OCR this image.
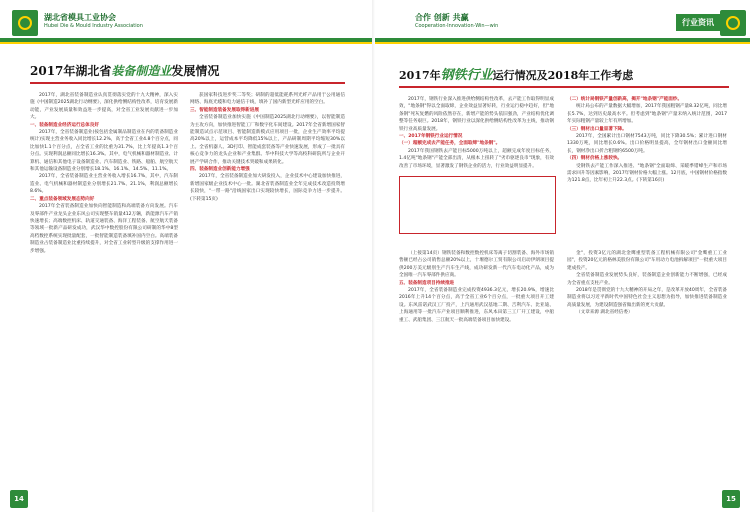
湖北省模具工业协会
Hubei Die & Mould Industry Association
2017年湖北省装备制造业发展情况

2017年，湖北省装备制造业认真贯彻落实党的十九大精神，深入实施《中国制造2025湖北行动纲要》，深化供给侧结构性改革，培育发展新动能，产业发展质量和效益进一步提高，对全省工业发展贡献进一步加大。

一、装备制造业经济运行总体良好

2017年，全省装备制造业(按包括金属制品制造业在内的装备制造业统计)实现主营业务收入同比增长12.2%，高于全省工业4.8个百分点，同比加快1.1个百分点，占全省工业的比重为31.7%，比上年提高1.3个百分点。实现利润总额同比增长16.3%。其中，电气机械和器材制造业、计算机、通信和其他电子设备制造业、汽车制造业、铁路、船舶、航空航天和其他运输设备制造业分别增长18.1%、16.1%、14.5%、11.1%。

2017年，全省装备制造业主营业务收入增长16.7%，其中，汽车制造业、电气机械和器材制造业分别增长21.7%、21.1%，利润总额增长8.6%。

二、重点装备领域发展态势向好

2017年全省装备制造业加快向智能制造和高端装备方向发展。汽车及零部件产业龙头企业东风公司实现整车销量412万辆，新能源汽车产销快速增长；高端数控机床、轨道交通装备、海洋工程装备、航空航天装备等领域一批新产品研发成功，武汉华中数控股份有限公司研制的华中8型高档数控系统实现批量配套，一批智能制造装备填补国内空白。高端装备制造业占装备制造业比重持续提升，对全省工业转型升级的支撑作用进一步增强。

获国家科技进步奖二等奖；研制的超低能耗系列光纤产品用于公用通信网络、海底光缆和电力通信干线，填补了国内新型光纤应用的空白。

三、智能制造装备发展取得新进展

全省装备制造业加快实施《中国制造2025湖北行动纲要》，以智能制造为主攻方向，加快推进智能工厂和数字化车间建设。2017年全省新增国家智能制造试点示范项目、智能制造新模式应用项目一批，企业生产效率平均提高20%以上，运营成本平均降低15%以上，产品研制周期平均缩短30%以上。全省机器人、3D打印、智能成套装备等产业快速发展，形成了一批具有核心竞争力的龙头企业和产业集群。华中科技大学等高校科研院所与企业开展产学研合作，推动关键技术突破和成果转化。

四、装备制造业创新能力增强

2017年，全省装备制造业加大研发投入，企业技术中心建设加快推进，新增国家级企业技术中心一批。湖北省装备制造业全年完成技术改造投资增长较快，"一带一路"沿线国家出口实现较快增长，国际竞争力进一步提升。(下转第15页)

湖北模具
14
合作 创新 共赢
Cooperation·Innovation·Win—win	行业资讯
2017年钢铁行业运行情况及2018年工作考虑

2017年，钢铁行业深入推进供给侧结构性改革，去产能工作取得明显成效，"地条钢"得以全面取缔，企业效益显著好转，行业运行稳中趋好，但"地条钢"死灰复燃的风险依然存在，新增产能的势头依旧强劲，产业结构优化调整等任务艰巨。2018年，钢铁行业以深化供给侧结构性改革为主线，推动钢铁行业高质量发展。

一、2017年钢铁行业运行情况

（一）超额完成去产能任务，全面取缔"地条钢"。

2017年我国钢铁去产能目标5000万吨以上，超额完成年度目标任务，1.4亿吨"地条钢"产能全部出清，从根本上扭转了"劣币驱逐良币"现象，有效改善了市场环境，显著激发了钢铁企业的活力，行业效益明显提升。

（二）统计局钢铁产量创新高，揭开"地条钢"产能面纱。

统计局公布的产量数据大幅增加，2017年我国粗钢产量8.32亿吨，同比增长5.7%，达到历史最高水平。但考虑到"地条钢"产量未纳入统计范围，2017年实际粗钢产量较上年有所增加。

（三）钢材出口量显著下降。

2017年，全国累计出口钢材7543万吨，同比下降30.5%；累计进口钢材1330万吨，同比增长0.6%。出口价格明显提高，全年钢材出口金额同比增长，钢材净出口折合粗钢约6500万吨。

（四）钢材价格上涨较快。

受钢铁去产能工作深入推进、"地条钢"全面取缔、采暖季错峰生产和市场需求回升等因素影响，2017年钢材价格大幅上涨。12月底，中国钢材价格指数为121.8点，比年初上升22.3点。(下转第16页)

（上接第14页）钢铁装备和数控数控机床等离子切割装备、海外市场销售额已经占公司销售总额20%以上，十堰德尔工贸有限公司启动伊朗项目提供200万美元级别生产汽车生产线，成功研发新一代汽车电动化产品，成为全国唯一汽车零部件供应商。

五、装备制造项目持续推进

2017年，全省装备制造业完成投资4936.3亿元，增长20.9%，增速比2016年上升14个百分点，高于全省工业6个百分点，一批重大项目开工建设。东风雷诺武汉工厂投产，上汽通用武汉基地二期、吉利汽车、比亚迪、上海通用等一批汽车产业项目顺利推进，东风本田第三工厂开工建设，中船重工、武船集团、三江航天一批高端装备项目加快建设。

金"，投资3亿元的湖北金鹰重型装备工程机械有限公司"金鹰重工工业园"，投资20亿元的格林美股份有限公司"车用动力电池拆解项目"一批重大项目建成投产。

全省装备制造业发展势头良好，装备制造企业创新能力不断增强，已经成为全省重点支柱产业。

2018年是贯彻党的十九大精神的开局之年，是改革开放40周年，全省装备制造业将以习近平新时代中国特色社会主义思想为指导，加快推进装备制造业高质量发展，为建设制造强省做出新的更大贡献。

（文章来源 湖北省经信委）

湖北模具
15
